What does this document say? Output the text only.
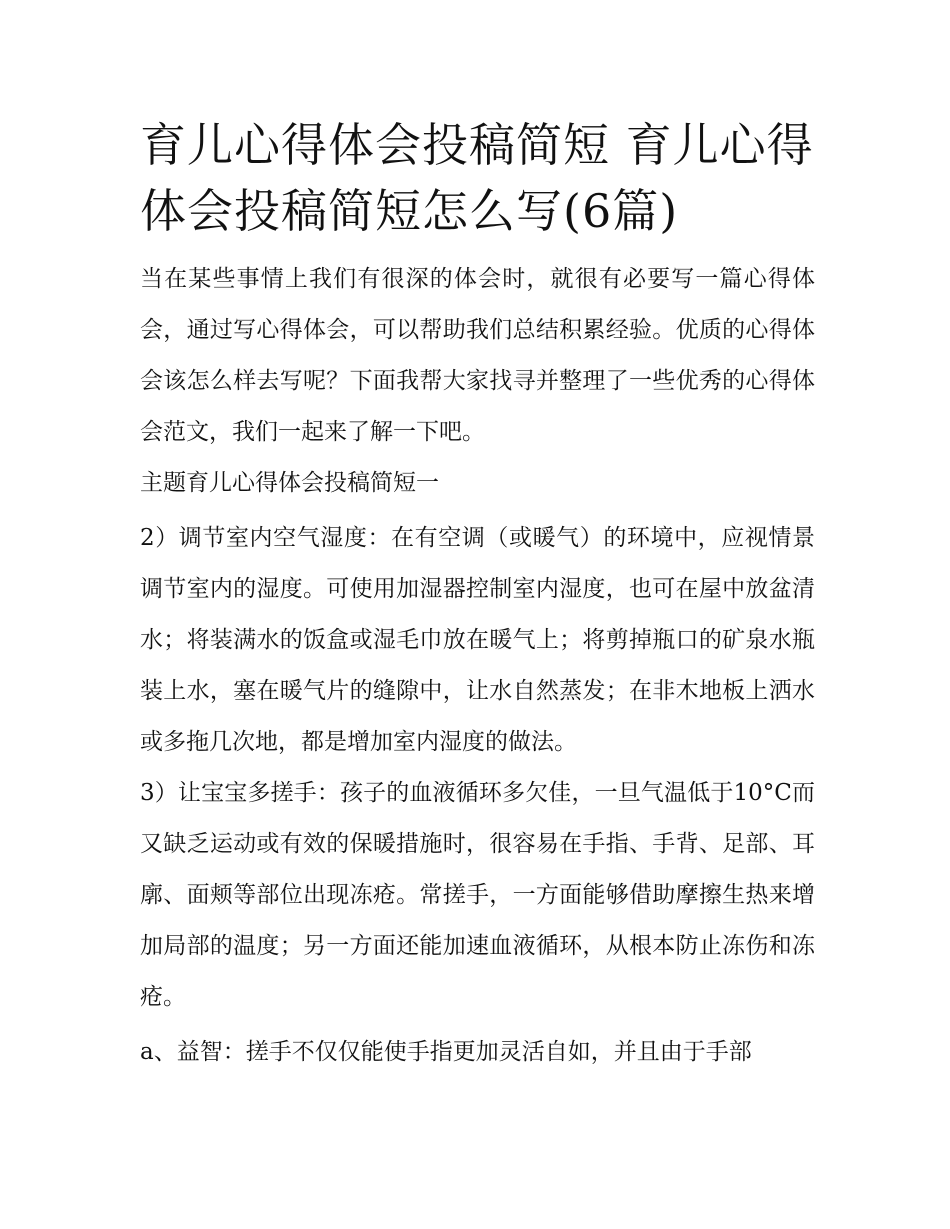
育儿心得体会投稿简短 育儿心得体会投稿简短怎么写(6篇)

当在某些事情上我们有很深的体会时，就很有必要写一篇心得体会，通过写心得体会，可以帮助我们总结积累经验。优质的心得体会该怎么样去写呢？下面我帮大家找寻并整理了一些优秀的心得体会范文，我们一起来了解一下吧。

主题育儿心得体会投稿简短一

2）调节室内空气湿度：在有空调（或暖气）的环境中，应视情景调节室内的湿度。可使用加湿器控制室内湿度，也可在屋中放盆清水；将装满水的饭盒或湿毛巾放在暖气上；将剪掉瓶口的矿泉水瓶装上水，塞在暖气片的缝隙中，让水自然蒸发；在非木地板上洒水或多拖几次地，都是增加室内湿度的做法。

3）让宝宝多搓手：孩子的血液循环多欠佳，一旦气温低于10°C而又缺乏运动或有效的保暖措施时，很容易在手指、手背、足部、耳廓、面颊等部位出现冻疮。常搓手，一方面能够借助摩擦生热来增加局部的温度；另一方面还能加速血液循环，从根本防止冻伤和冻疮。

a、益智：搓手不仅仅能使手指更加灵活自如，并且由于手部
